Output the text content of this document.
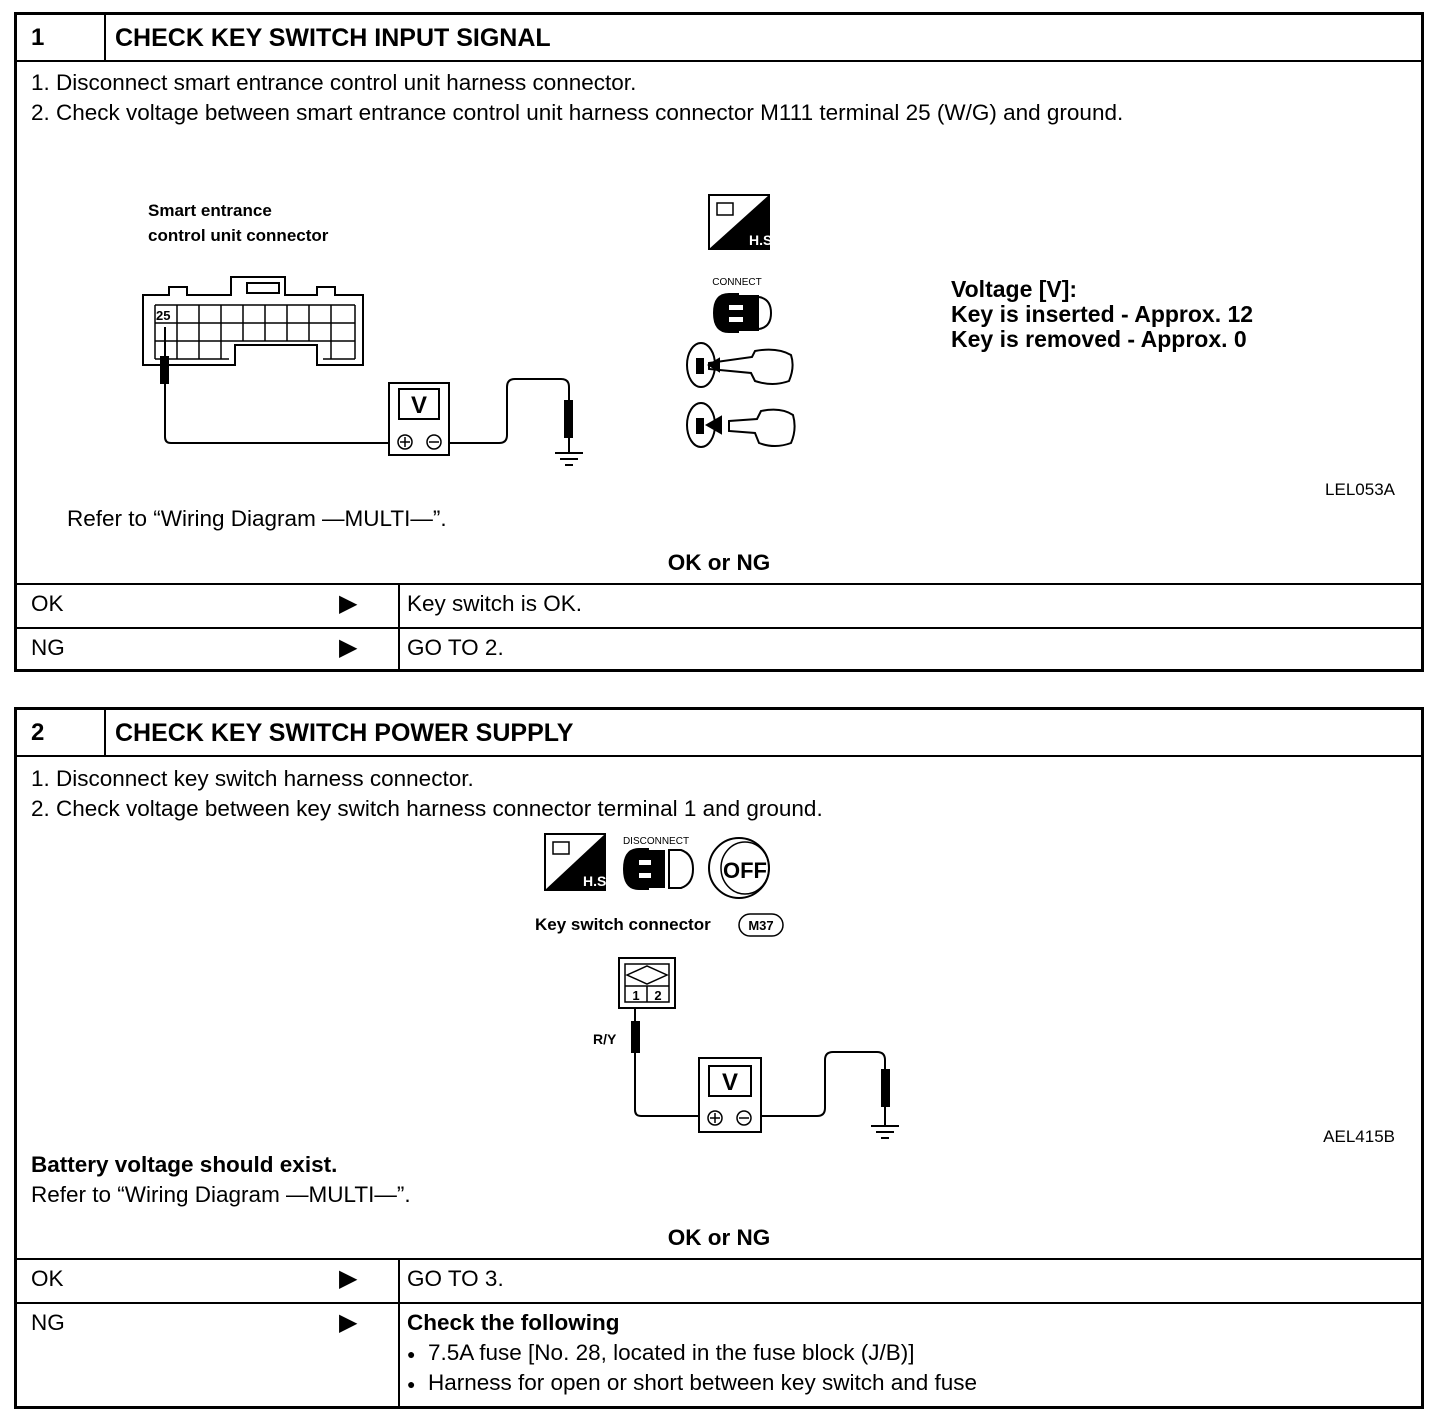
1	CHECK KEY SWITCH INPUT SIGNAL
1. Disconnect smart entrance control unit harness connector.
2. Check voltage between smart entrance control unit harness connector M111 terminal 25 (W/G) and ground.
Smart entrance
control unit connector
25
V
H.S.
CONNECT	Voltage [V]:
Key is inserted - Approx. 12
Key is removed - Approx. 0
LEL053A
Refer to “Wiring Diagram —MULTI—”.
OK or NG
OK	▶ Key switch is OK.
NG	▶ GO TO 2.
2	CHECK KEY SWITCH POWER SUPPLY
1. Disconnect key switch harness connector.
2. Check voltage between key switch harness connector terminal 1 and ground.
H.S.
DISCONNECT
OFF
Key switch connector	M37
1 2
R/Y
V
AEL415B
Battery voltage should exist.
Refer to “Wiring Diagram —MULTI—”.
OK or NG
OK	▶ GO TO 3.
NG	▶ Check the following
● 7.5A fuse [No. 28, located in the fuse block (J/B)]
● Harness for open or short between key switch and fuse
